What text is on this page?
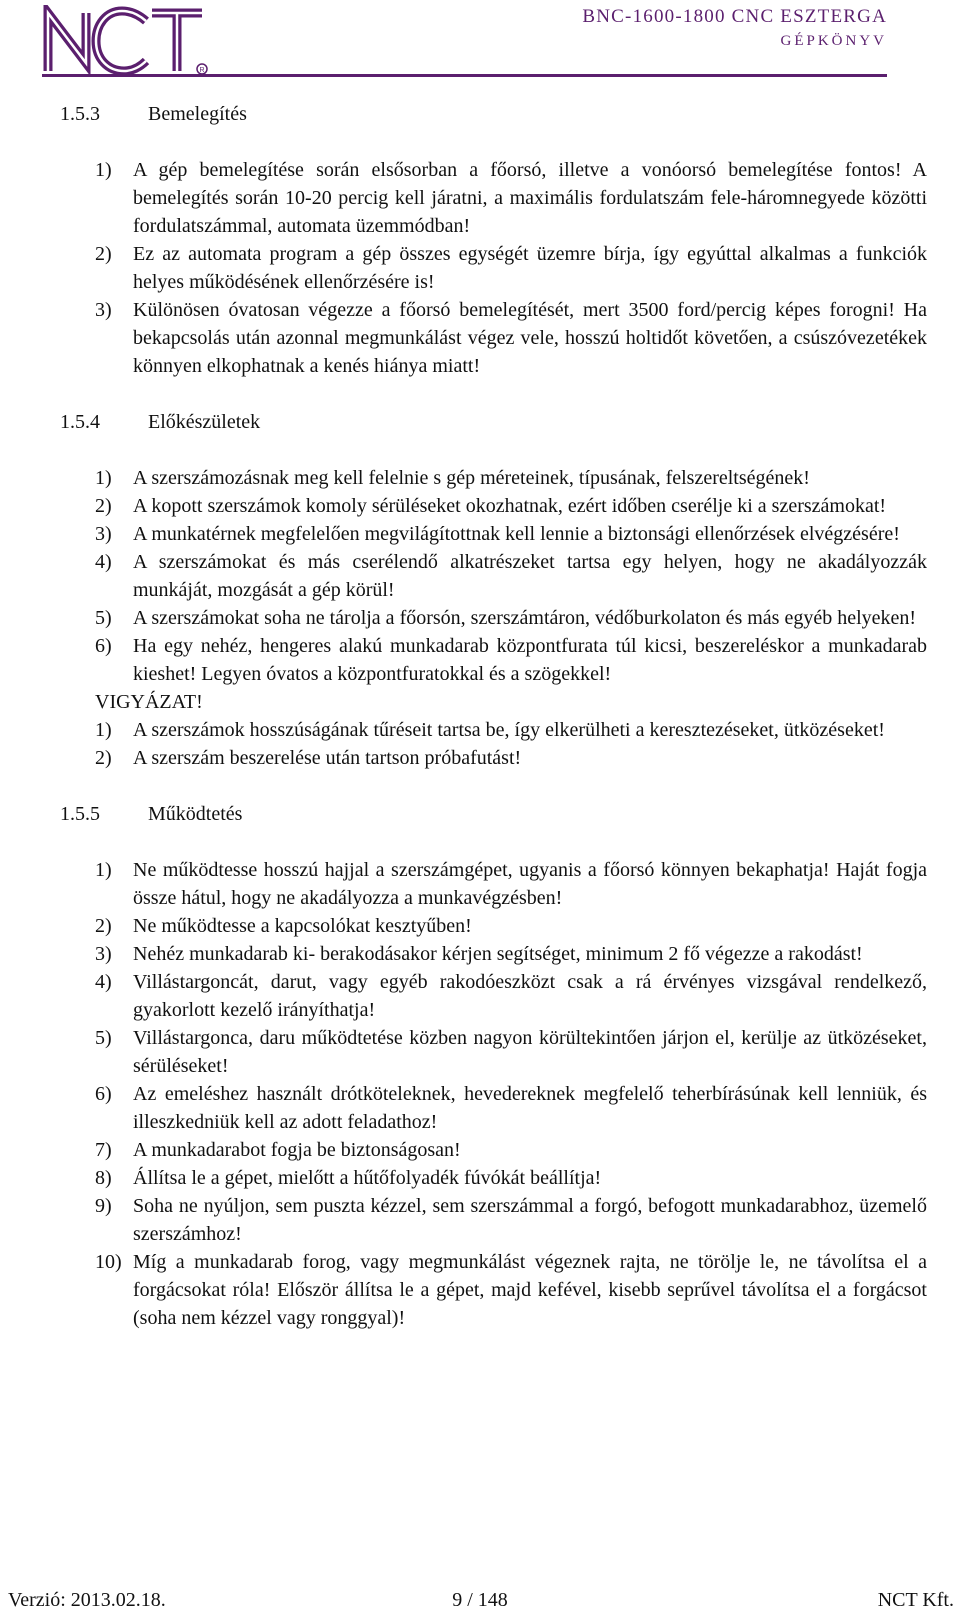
R
BNC-1600-1800 CNC ESZTERGA
GÉPKÖNYV
1.5.3	Bemelegítés
1)	A gép bemelegítése során elsősorban a főorsó, illetve a vonóorsó bemelegítése fontos! A bemelegítés során 10-20 percig kell járatni, a maximális fordulatszám fele-háromnegyede közötti fordulatszámmal, automata üzemmódban!
2)	Ez az automata program a gép összes egységét üzemre bírja, így egyúttal alkalmas a funkciók helyes működésének ellenőrzésére is!
3)	Különösen óvatosan végezze a főorsó bemelegítését, mert 3500 ford/percig képes forogni! Ha bekapcsolás után azonnal megmunkálást végez vele, hosszú holtidőt követően, a csúszóvezetékek könnyen elkophatnak a kenés hiánya miatt!
1.5.4	Előkészületek
1)	A szerszámozásnak meg kell felelnie s gép méreteinek, típusának, felszereltségének!
2)	A kopott szerszámok komoly sérüléseket okozhatnak, ezért időben cserélje ki a szerszámokat!
3)	A munkatérnek megfelelően megvilágítottnak kell lennie a biztonsági ellenőrzések elvégzésére!
4)	A szerszámokat és más cserélendő alkatrészeket tartsa egy helyen, hogy ne akadályozzák munkáját, mozgását a gép körül!
5)	A szerszámokat soha ne tárolja a főorsón, szerszámtáron, védőburkolaton és más egyéb helyeken!
6)	Ha egy nehéz, hengeres alakú munkadarab központfurata túl kicsi, beszereléskor a munkadarab kieshet! Legyen óvatos a központfuratokkal és a szögekkel!

VIGYÁZAT!

1)	A szerszámok hosszúságának tűréseit tartsa be, így elkerülheti a keresztezéseket, ütközéseket!
2)	A szerszám beszerelése után tartson próbafutást!
1.5.5	Működtetés
1)	Ne működtesse hosszú hajjal a szerszámgépet, ugyanis a főorsó könnyen bekaphatja! Haját fogja össze hátul, hogy ne akadályozza a munkavégzésben!
2)	Ne működtesse a kapcsolókat kesztyűben!
3)	Nehéz munkadarab ki- berakodásakor kérjen segítséget, minimum 2 fő végezze a rakodást!
4)	Villástargoncát, darut, vagy egyéb rakodóeszközt csak a rá érvényes vizsgával rendelkező, gyakorlott kezelő irányíthatja!
5)	Villástargonca, daru működtetése közben nagyon körültekintően járjon el, kerülje az ütközéseket, sérüléseket!
6)	Az emeléshez használt drótköteleknek, hevedereknek megfelelő teherbírásúnak kell lenniük, és illeszkedniük kell az adott feladathoz!
7)	A munkadarabot fogja be biztonságosan!
8)	Állítsa le a gépet, mielőtt a hűtőfolyadék fúvókát beállítja!
9)	Soha ne nyúljon, sem puszta kézzel, sem szerszámmal a forgó, befogott munkadarabhoz, üzemelő szerszámhoz!
10) Míg a munkadarab forog, vagy megmunkálást végeznek rajta, ne törölje le, ne távolítsa el a forgácsokat róla! Először állítsa le a gépet, majd kefével, kisebb seprűvel távolítsa el a forgácsot (soha nem kézzel vagy ronggyal)!
Verzió: 2013.02.18.	9 / 148	NCT Kft.
